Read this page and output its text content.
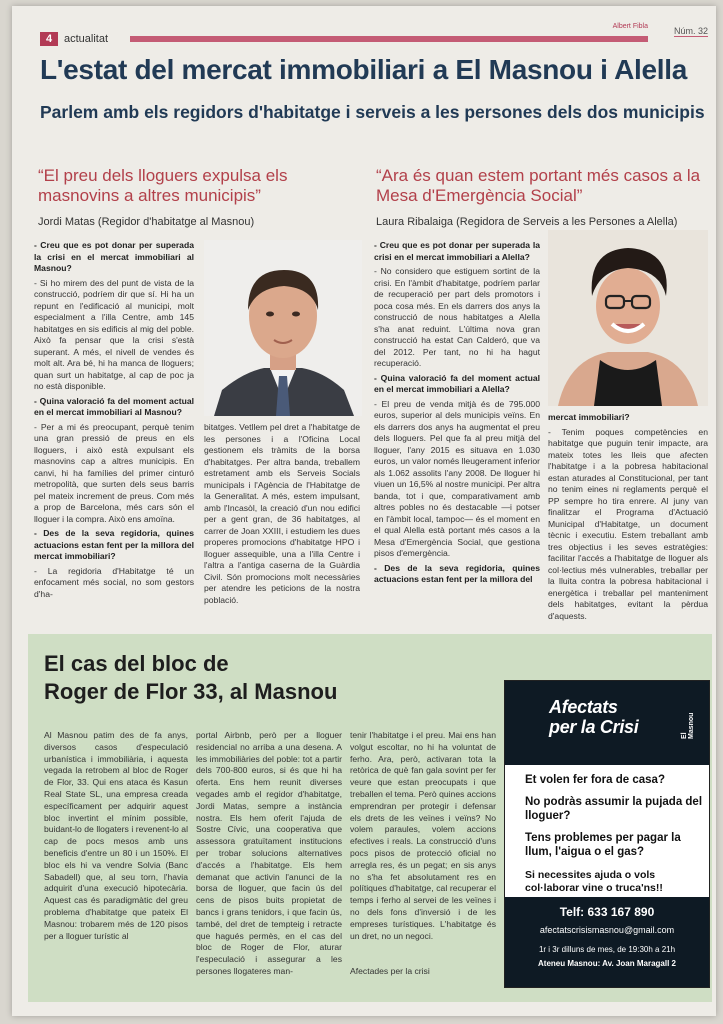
4	actualitat
Albert Fibla	Núm. 32
L'estat del mercat immobiliari a El Masnou i Alella
Parlem amb els regidors d'habitatge i serveis a les persones dels dos municipis

“El preu dels lloguers expulsa els masnovins a altres municipis”

Jordi Matas (Regidor d'habitatge al Masnou)

- Creu que es pot donar per superada la crisi en el mercat immobiliari al Masnou?

- Si ho mirem des del punt de vista de la construcció, podríem dir que sí. Hi ha un repunt en l'edificació al municipi, molt especialment a l'illa Centre, amb 145 habitatges en sis edificis al mig del poble. Això fa pensar que la crisi s'està superant. A més, el nivell de vendes és molt alt. Ara bé, hi ha manca de lloguers; quan surt un habitatge, al cap de poc ja no està disponible.

- Quina valoració fa del moment actual en el mercat immobiliari al Masnou?

- Per a mi és preocupant, perquè tenim una gran pressió de preus en els lloguers, i això està expulsant els masnovins cap a altres municipis. En canvi, hi ha famílies del primer cinturó metropolità, que surten dels seus barris pel mateix increment de preus. Com més a prop de Barcelona, més cars són el lloguer i la compra. Això ens amoïna.

- Des de la seva regidoria, quines actuacions estan fent per la millora del mercat immobiliari?

- La regidoria d'Habitatge té un enfocament més social, no som gestors d'ha-

bitatges. Vetllem pel dret a l'habitatge de les persones i a l'Oficina Local gestionem els tràmits de la borsa d'habitatges. Per altra banda, treballem estretament amb els Serveis Socials municipals i l'Agència de l'Habitatge de la Generalitat. A més, estem impulsant, amb l'Incasòl, la creació d'un nou edifici per a gent gran, de 36 habitatges, al carrer de Joan XXIII, i estudiem les dues properes promocions d'habitatge HPO i lloguer assequible, una a l'illa Centre i l'altra a l'antiga caserna de la Guàrdia Civil. Són promocions molt necessàries per atendre les peticions de la nostra població.

“Ara és quan estem portant més casos a la Mesa d'Emergència Social”

Laura Ribalaiga (Regidora de Serveis a les Persones a Alella)

- Creu que es pot donar per superada la crisi en el mercat immobiliari a Alella?

- No considero que estiguem sortint de la crisi. En l'àmbit d'habitatge, podríem parlar de recuperació per part dels promotors i poca cosa més. En els darrers dos anys la construcció de nous habitatges a Alella s'ha anat reduint. L'última nova gran construcció ha estat Can Calderó, que va del 2012. Per tant, no hi ha hagut recuperació.

- Quina valoració fa del moment actual en el mercat immobiliari a Alella?

- El preu de venda mitjà és de 795.000 euros, superior al dels municipis veïns. En els darrers dos anys ha augmentat el preu dels lloguers. Pel que fa al preu mitjà del lloguer, l'any 2015 es situava en 1.030 euros, un valor només lleugerament inferior als 1.062 assolits l'any 2008. De lloguer hi viuen un 16,5% al nostre municipi. Per altra banda, tot i que, comparativament amb altres pobles no és destacable —i potser en l'àmbit local, tampoc— és el moment en el qual Alella està portant més casos a la Mesa d'Emergència Social, que gestiona pisos d'emergència.

- Des de la seva regidoria, quines actuacions estan fent per la millora del

mercat immobiliari?

- Tenim poques competències en habitatge que puguin tenir impacte, ara mateix totes les lleis que afecten l'habitatge i a la pobresa habitacional estan aturades al Constitucional, per tant no tenim eines ni reglaments perquè el PP sempre ho tira enrere. Al juny van finalitzar el Programa d'Actuació Municipal d'Habitatge, un document tècnic i executiu. Estem treballant amb tres objectius i les seves estratègies: facilitar l'accés a l'habitatge de lloguer als col·lectius més vulnerables, treballar per la lluita contra la pobresa habitacional i energètica i treballar pel manteniment dels habitatges, evitant la pèrdua d'aquests.

El cas del bloc de
Roger de Flor 33, al Masnou
Al Masnou patim des de fa anys, diversos casos d'especulació urbanística i immobiliària, i aquesta vegada la retrobem al bloc de Roger de Flor, 33. Qui ens ataca és Kasun Real State SL, una empresa creada específicament per adquirir aquest bloc invertint el mínim possible, buidant-lo de llogaters i revenent-lo al cap de pocs mesos amb uns beneficis d'entre un 80 i un 150%. El bloc els hi va vendre Solvia (Banc Sabadell) que, al seu torn, l'havia adquirit d'una execució hipotecària. Aquest cas és paradigmàtic del greu problema d'habitatge que pateix El Masnou: trobarem més de 120 pisos per a lloguer turístic al
portal Airbnb, però per a lloguer residencial no arriba a una desena. A les immobiliàries del poble: tot a partir dels 700-800 euros, si és que hi ha oferta. Ens hem reunit diverses vegades amb el regidor d'habitatge, Jordi Matas, sempre a instància nostra. Els hem oferit l'ajuda de Sostre Cívic, una cooperativa que assessora gratuïtament institucions per trobar solucions alternatives d'accés a l'habitatge. Els hem demanat que activin l'anunci de la borsa de lloguer, que facin ús del cens de pisos buits propietat de bancs i grans tenidors, i que facin ús, també, del dret de tempteig i retracte que hagués permès, en el cas del bloc de Roger de Flor, aturar l'especulació i assegurar a les persones llogateres man-
tenir l'habitatge i el preu. Mai ens han volgut escoltar, no hi ha voluntat de ferho. Ara, però, activaran tota la retòrica de què fan gala sovint per fer veure que estan preocupats i que treballen el tema. Però quines accions emprendran per protegir i defensar els drets de les veïnes i veïns? No volem paraules, volem accions efectives i reals. La construcció d'uns pocs pisos de protecció oficial no arregla res, és un pegat; en sis anys no s'ha fet absolutament res en polítiques d'habitatge, cal recuperar el temps i ferho al servei de les veïnes i no dels fons d'inversió i de les empreses turístiques. L'habitatge és un dret, no un negoci.
Afectades per la crisi
Afectats
per la Crisi	El Masnou
Et volen fer fora de casa?
No podràs assumir la pujada del lloguer?
Tens problemes per pagar la llum, l'aigua o el gas?
Si necessites ajuda o vols col·laborar vine o truca'ns!!
Telf: 633 167 890
afectatscrisismasnou@gmail.com
1r i 3r dilluns de mes, de 19:30h a 21h
Ateneu Masnou: Av. Joan Maragall 2
